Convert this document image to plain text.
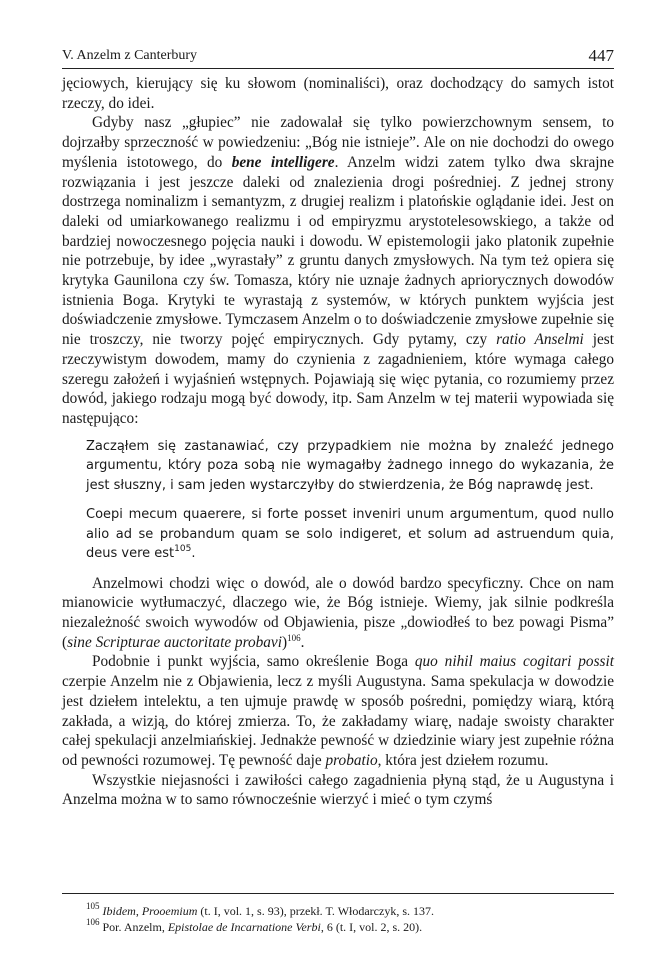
V. Anzelm z Canterbury	447

jęciowych, kierujący się ku słowom (nominaliści), oraz dochodzący do samych istot rzeczy, do idei.

Gdyby nasz „głupiec” nie zadowalał się tylko powierzchownym sensem, to dojrzałby sprzeczność w powiedzeniu: „Bóg nie istnieje”. Ale on nie dochodzi do owego myślenia istotowego, do bene intelligere. Anzelm widzi zatem tylko dwa skrajne rozwiązania i jest jeszcze daleki od znalezienia drogi pośredniej. Z jednej strony dostrzega nominalizm i semantyzm, z drugiej realizm i platońskie oglądanie idei. Jest on daleki od umiarkowanego realizmu i od empiryzmu arystotelesowskiego, a także od bardziej nowoczesnego pojęcia nauki i dowodu. W epistemologii jako platonik zupełnie nie potrzebuje, by idee „wyrastały” z gruntu danych zmysłowych. Na tym też opiera się krytyka Gaunilona czy św. Tomasza, który nie uznaje żadnych apriorycznych dowodów istnienia Boga. Krytyki te wyrastają z systemów, w których punktem wyjścia jest doświadczenie zmysłowe. Tymczasem Anzelm o to doświadczenie zmysłowe zupełnie się nie troszczy, nie tworzy pojęć empirycznych. Gdy pytamy, czy ratio Anselmi jest rzeczywistym dowodem, mamy do czynienia z zagadnieniem, które wymaga całego szeregu założeń i wyjaśnień wstępnych. Pojawiają się więc pytania, co rozumiemy przez dowód, jakiego rodzaju mogą być dowody, itp. Sam Anzelm w tej materii wypowiada się następująco:

Zacząłem się zastanawiać, czy przypadkiem nie można by znaleźć jednego argumentu, który poza sobą nie wymagałby żadnego innego do wykazania, że jest słuszny, i sam jeden wystarczyłby do stwierdzenia, że Bóg naprawdę jest.

Coepi mecum quaerere, si forte posset inveniri unum argumentum, quod nullo alio ad se probandum quam se solo indigeret, et solum ad astruendum quia, deus vere est$^{105}$.

Anzelmowi chodzi więc o dowód, ale o dowód bardzo specyficzny. Chce on nam mianowicie wytłumaczyć, dlaczego wie, że Bóg istnieje. Wiemy, jak silnie podkreśla niezależność swoich wywodów od Objawienia, pisze „dowiodłeś to bez powagi Pisma” (sine Scripturae auctoritate probavi)$^{106}$.

Podobnie i punkt wyjścia, samo określenie Boga quo nihil maius cogitari possit czerpie Anzelm nie z Objawienia, lecz z myśli Augustyna. Sama spekulacja w dowodzie jest dziełem intelektu, a ten ujmuje prawdę w sposób pośredni, pomiędzy wiarą, którą zakłada, a wizją, do której zmierza. To, że zakładamy wiarę, nadaje swoisty charakter całej spekulacji anzelmiańskiej. Jednakże pewność w dziedzinie wiary jest zupełnie różna od pewności rozumowej. Tę pewność daje probatio, która jest dziełem rozumu.

Wszystkie niejasności i zawiłości całego zagadnienia płyną stąd, że u Augustyna i Anzelma można w to samo równocześnie wierzyć i mieć o tym czymś

$^{105}$ Ibidem, Prooemium (t. I, vol. 1, s. 93), przekł. T. Włodarczyk, s. 137.

$^{106}$ Por. Anzelm, Epistolae de Incarnatione Verbi, 6 (t. I, vol. 2, s. 20).
